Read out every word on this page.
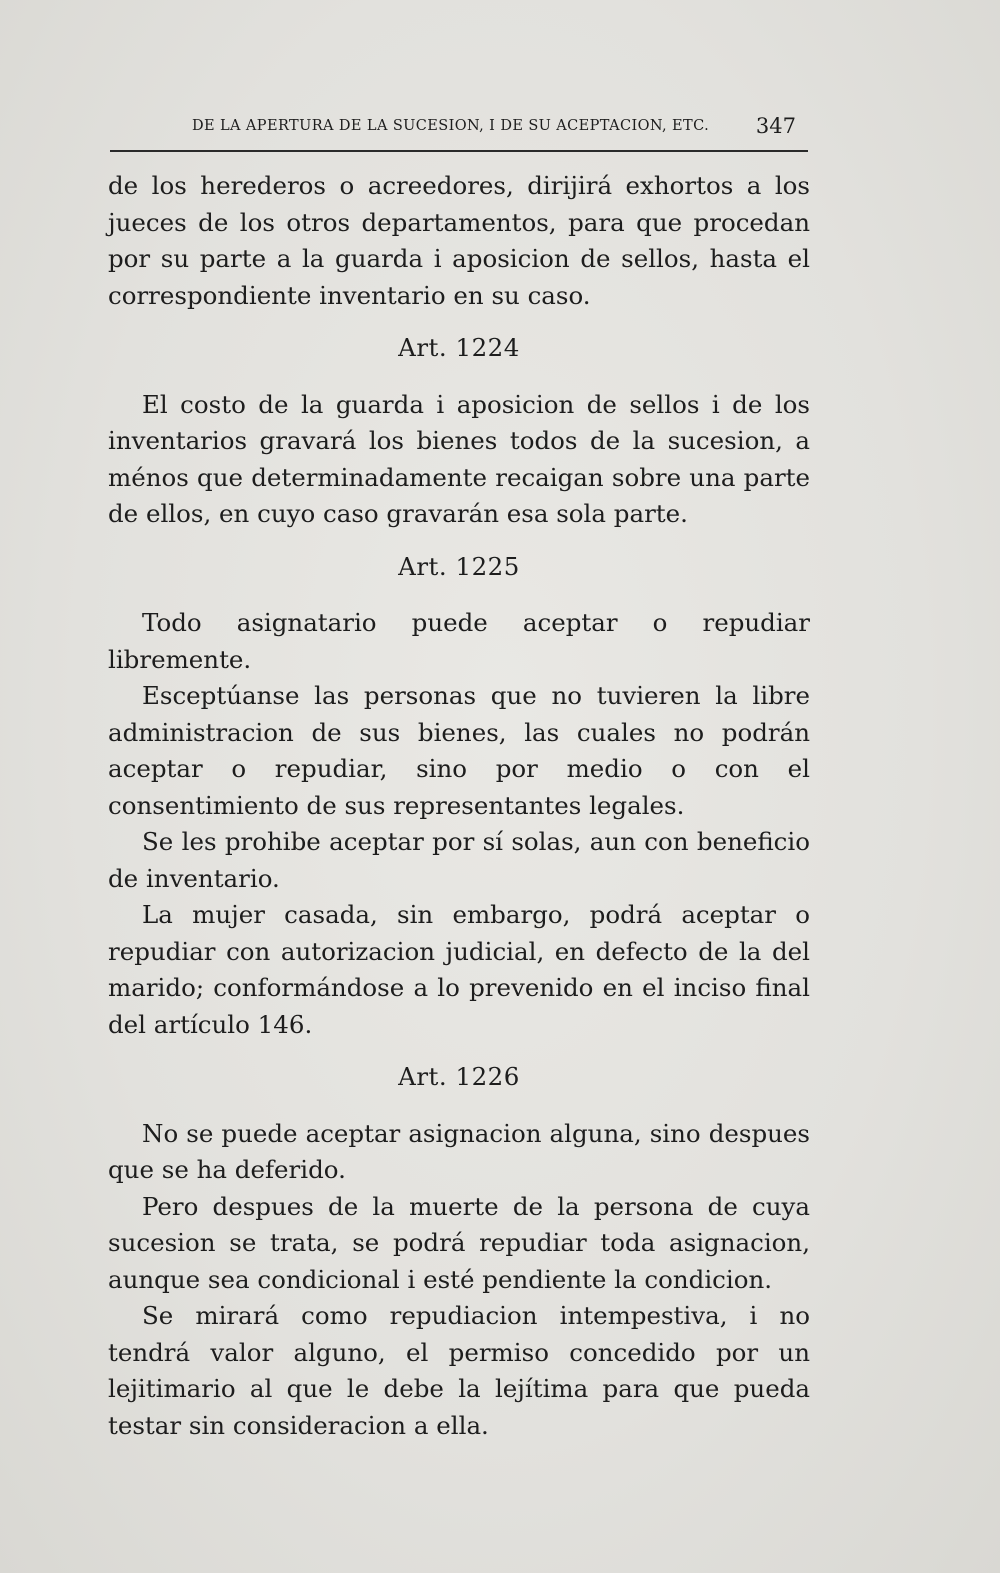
DE LA APERTURA DE LA SUCESION, I DE SU ACEPTACION, ETC. 347

de los herederos o acreedores, dirijirá exhortos a los jueces de los otros departamentos, para que procedan por su parte a la guarda i aposicion de sellos, hasta el correspondiente inventario en su caso.

Art. 1224

El costo de la guarda i aposicion de sellos i de los inventarios gravará los bienes todos de la sucesion, a ménos que determinadamente recaigan sobre una parte de ellos, en cuyo caso gravarán esa sola parte.

Art. 1225

Todo asignatario puede aceptar o repudiar libremente.

Esceptúanse las personas que no tuvieren la libre administracion de sus bienes, las cuales no podrán aceptar o repudiar, sino por medio o con el consentimiento de sus representantes legales.

Se les prohibe aceptar por sí solas, aun con beneficio de inventario.

La mujer casada, sin embargo, podrá aceptar o repudiar con autorizacion judicial, en defecto de la del marido; conformándose a lo prevenido en el inciso final del artículo 146.

Art. 1226

No se puede aceptar asignacion alguna, sino despues que se ha deferido.

Pero despues de la muerte de la persona de cuya sucesion se trata, se podrá repudiar toda asignacion, aunque sea condicional i esté pendiente la condicion.

Se mirará como repudiacion intempestiva, i no tendrá valor alguno, el permiso concedido por un lejitimario al que le debe la lejítima para que pueda testar sin consideracion a ella.
